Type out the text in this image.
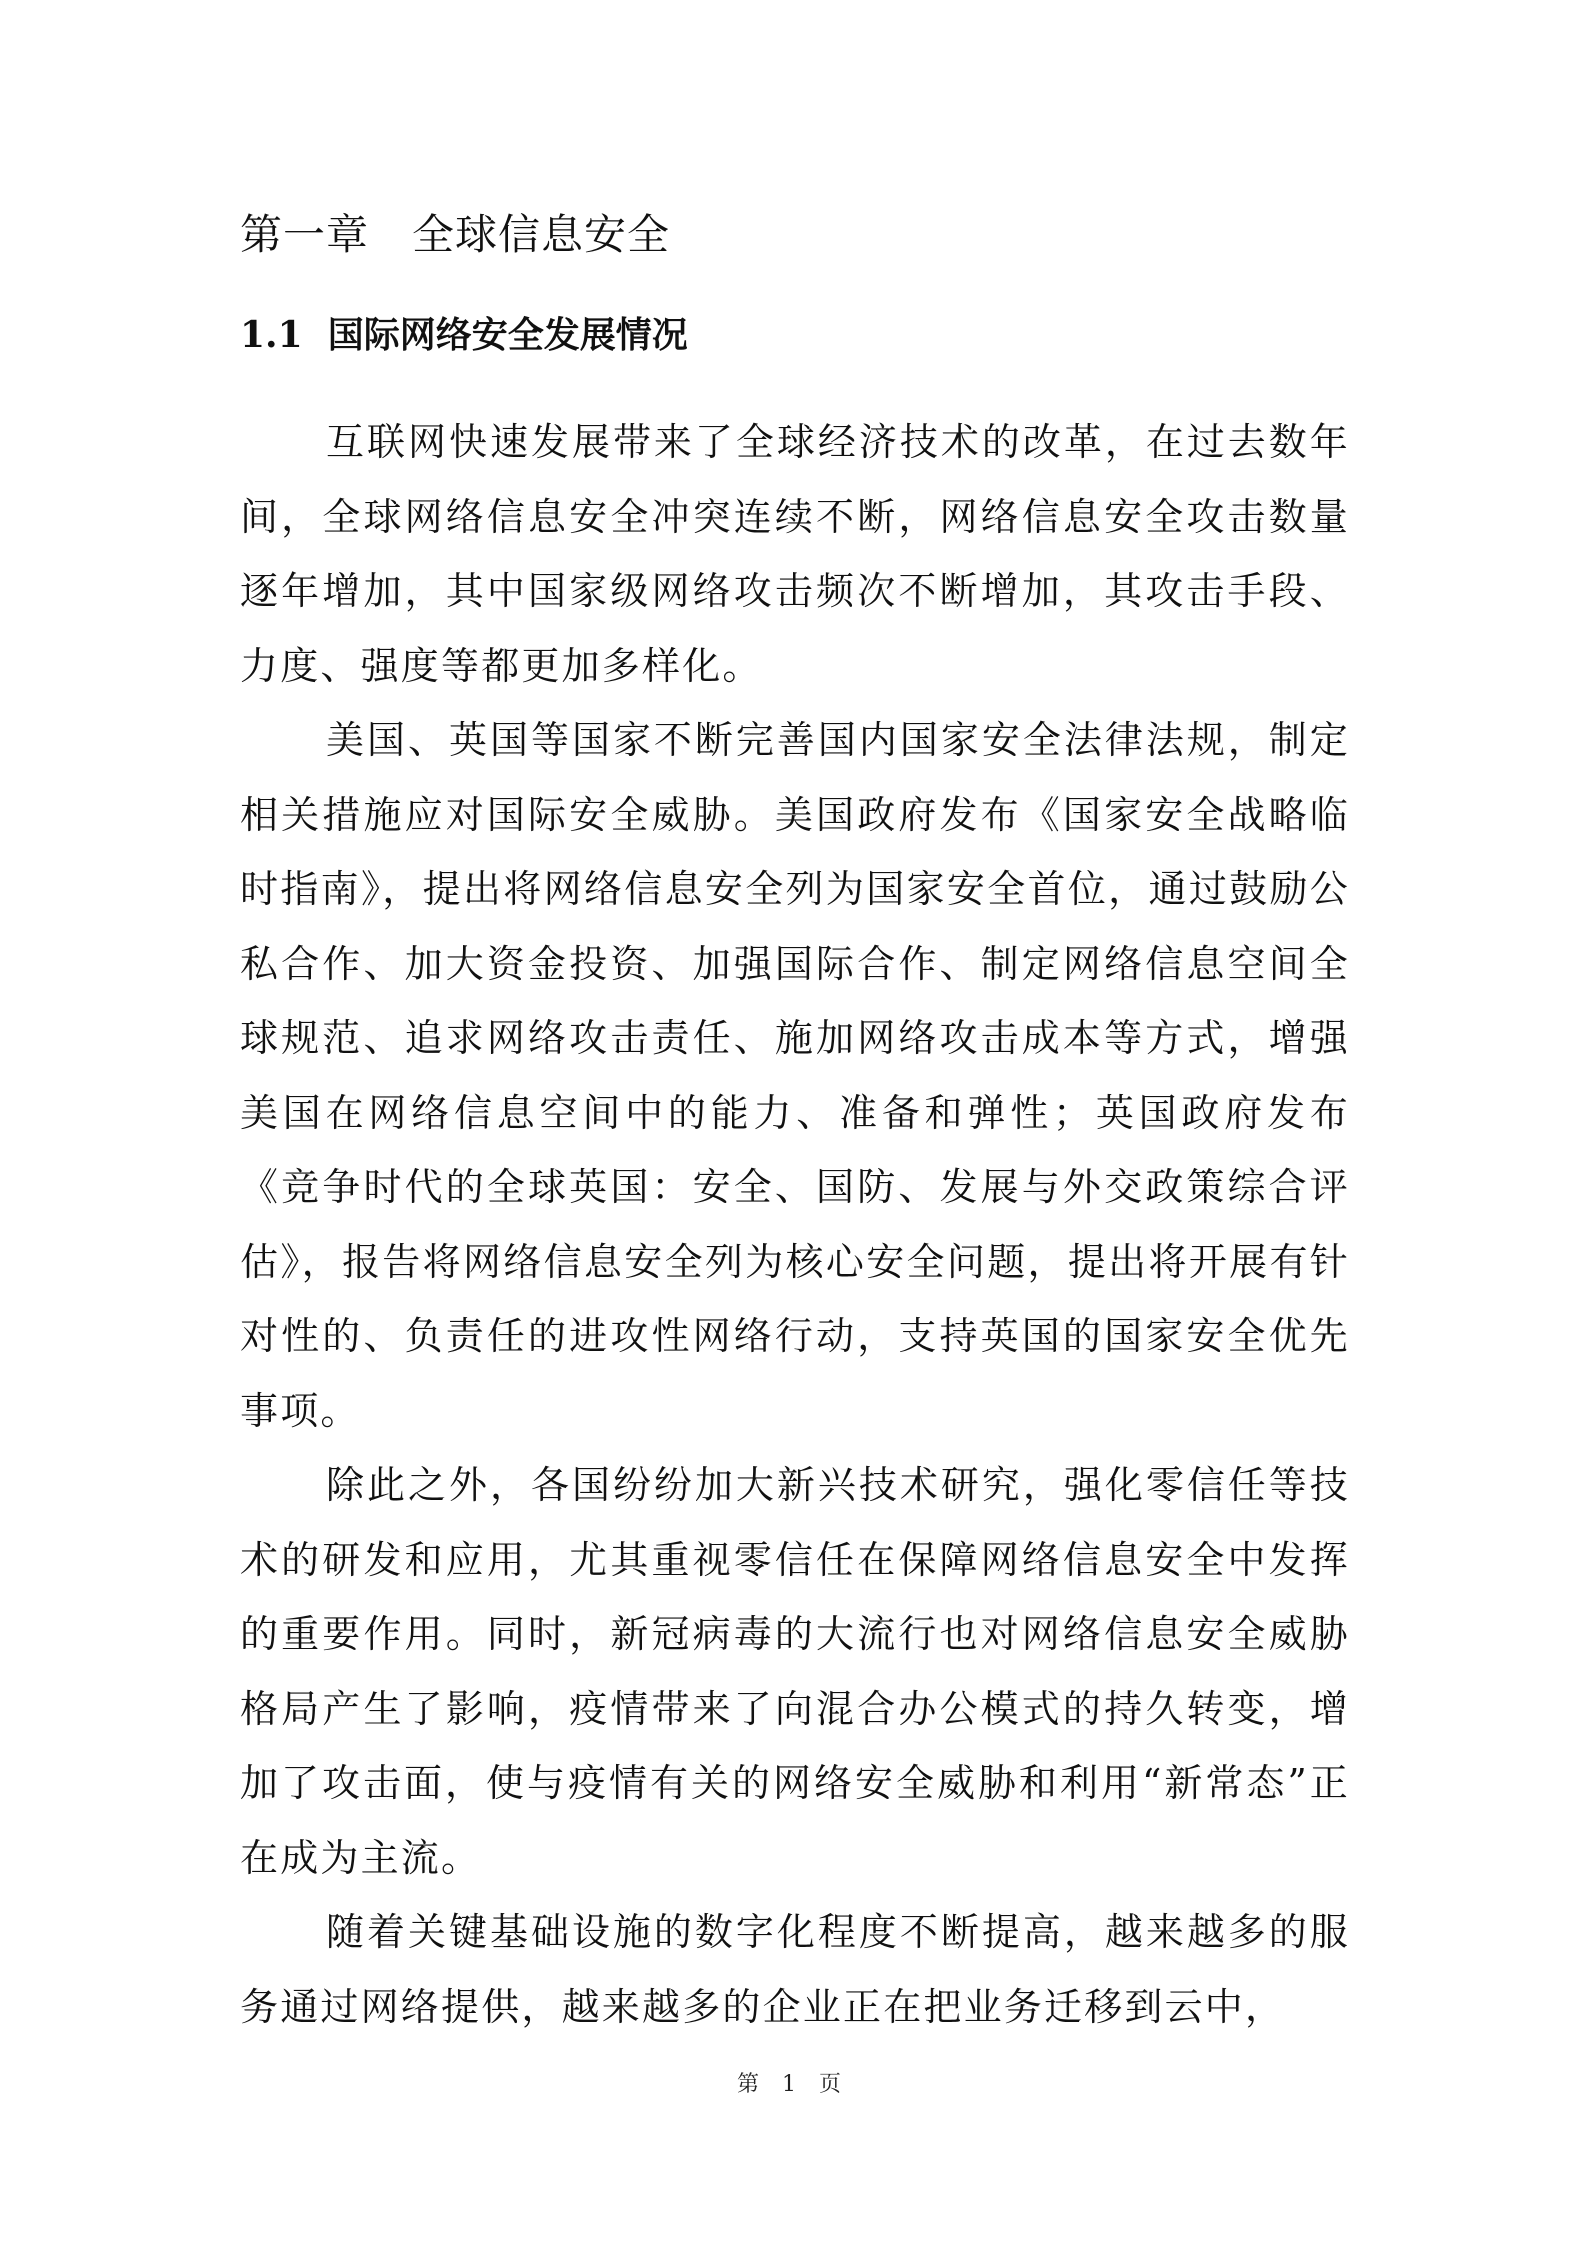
第一章　全球信息安全
1.1  国际网络安全发展情况

互联网快速发展带来了全球经济技术的改革，在过去数年间，全球网络信息安全冲突连续不断，网络信息安全攻击数量逐年增加，其中国家级网络攻击频次不断增加，其攻击手段、力度、强度等都更加多样化。

美国、英国等国家不断完善国内国家安全法律法规，制定相关措施应对国际安全威胁。美国政府发布《国家安全战略临时指南》，提出将网络信息安全列为国家安全首位，通过鼓励公私合作、加大资金投资、加强国际合作、制定网络信息空间全球规范、追求网络攻击责任、施加网络攻击成本等方式，增强美国在网络信息空间中的能力、准备和弹性；英国政府发布《竞争时代的全球英国：安全、国防、发展与外交政策综合评估》，报告将网络信息安全列为核心安全问题，提出将开展有针对性的、负责任的进攻性网络行动，支持英国的国家安全优先事项。

除此之外，各国纷纷加大新兴技术研究，强化零信任等技术的研发和应用，尤其重视零信任在保障网络信息安全中发挥的重要作用。同时，新冠病毒的大流行也对网络信息安全威胁格局产生了影响，疫情带来了向混合办公模式的持久转变，增加了攻击面，使与疫情有关的网络安全威胁和利用“新常态”正在成为主流。

随着关键基础设施的数字化程度不断提高，越来越多的服务通过网络提供，越来越多的企业正在把业务迁移到云中，

第 1 页
